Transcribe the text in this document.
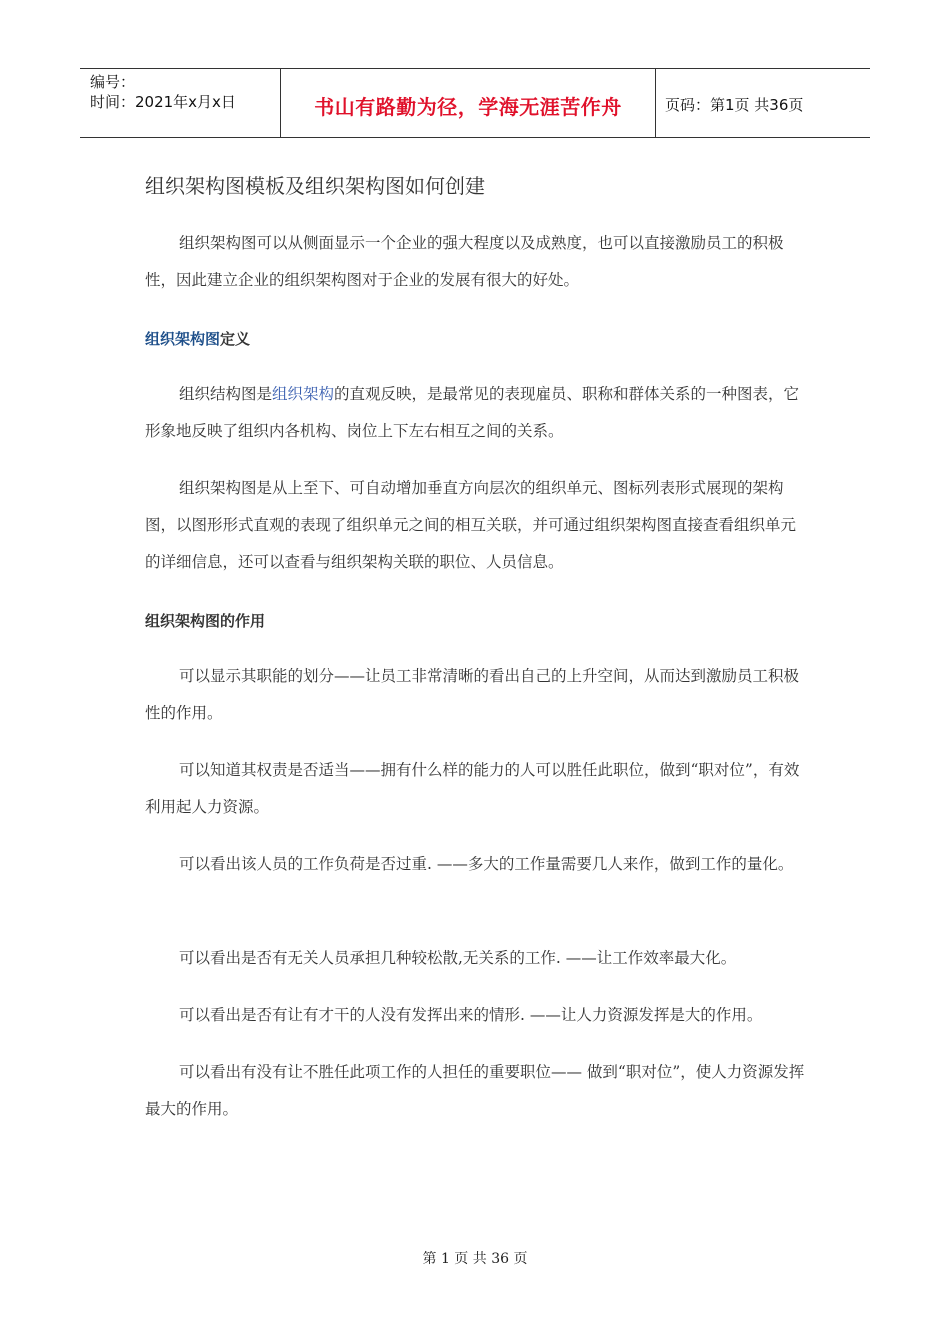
编号：
时间：2021年x月x日	书山有路勤为径，学海无涯苦作舟	页码：第1页 共36页
组织架构图模板及组织架构图如何创建

组织架构图可以从侧面显示一个企业的强大程度以及成熟度，也可以直接激励员工的积极性，因此建立企业的组织架构图对于企业的发展有很大的好处。

组织架构图定义

组织结构图是组织架构的直观反映，是最常见的表现雇员、职称和群体关系的一种图表，它形象地反映了组织内各机构、岗位上下左右相互之间的关系。

组织架构图是从上至下、可自动增加垂直方向层次的组织单元、图标列表形式展现的架构图，以图形形式直观的表现了组织单元之间的相互关联，并可通过组织架构图直接查看组织单元的详细信息，还可以查看与组织架构关联的职位、人员信息。

组织架构图的作用

可以显示其职能的划分——让员工非常清晰的看出自己的上升空间，从而达到激励员工积极性的作用。

可以知道其权责是否适当——拥有什么样的能力的人可以胜任此职位，做到“职对位”，有效利用起人力资源。

可以看出该人员的工作负荷是否过重. ——多大的工作量需要几人来作，做到工作的量化。

可以看出是否有无关人员承担几种较松散,无关系的工作. ——让工作效率最大化。

可以看出是否有让有才干的人没有发挥出来的情形. ——让人力资源发挥是大的作用。

可以看出有没有让不胜任此项工作的人担任的重要职位—— 做到“职对位”，使人力资源发挥最大的作用。

第 1 页 共 36 页
